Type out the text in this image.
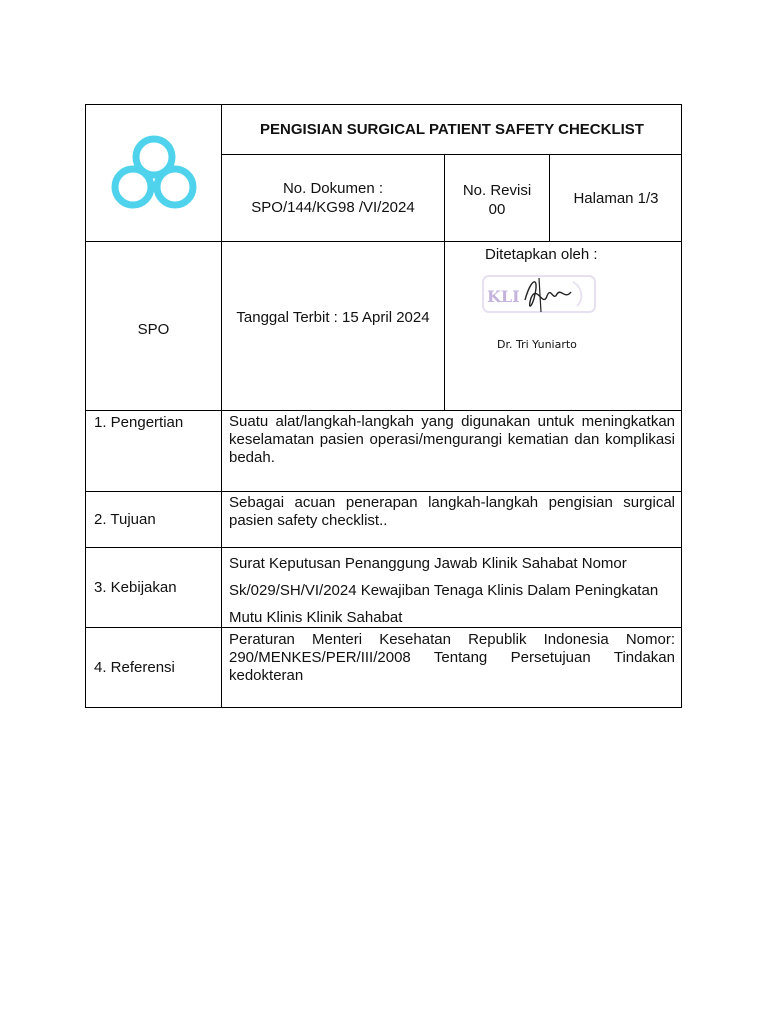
PENGISIAN SURGICAL PATIENT SAFETY CHECKLIST
No. Dokumen :
SPO/144/KG98 /VI/2024
No. Revisi
00
Halaman 1/3
SPO
Tanggal Terbit : 15 April 2024
Ditetapkan oleh :
KLI
Dr. Tri Yuniarto
1. Pengertian	Suatu alat/langkah-langkah yang digunakan untuk meningkatkan keselamatan pasien operasi/mengurangi kematian dan komplikasi bedah.
2. Tujuan
Sebagai acuan penerapan langkah-langkah pengisian surgical pasien safety checklist..
3. Kebijakan
Surat Keputusan Penanggung Jawab Klinik Sahabat Nomor
Sk/029/SH/VI/2024 Kewajiban Tenaga Klinis Dalam Peningkatan
Mutu Klinis Klinik Sahabat
4. Referensi
Peraturan Menteri Kesehatan Republik Indonesia Nomor: 290/MENKES/PER/III/2008 Tentang Persetujuan Tindakan kedokteran
